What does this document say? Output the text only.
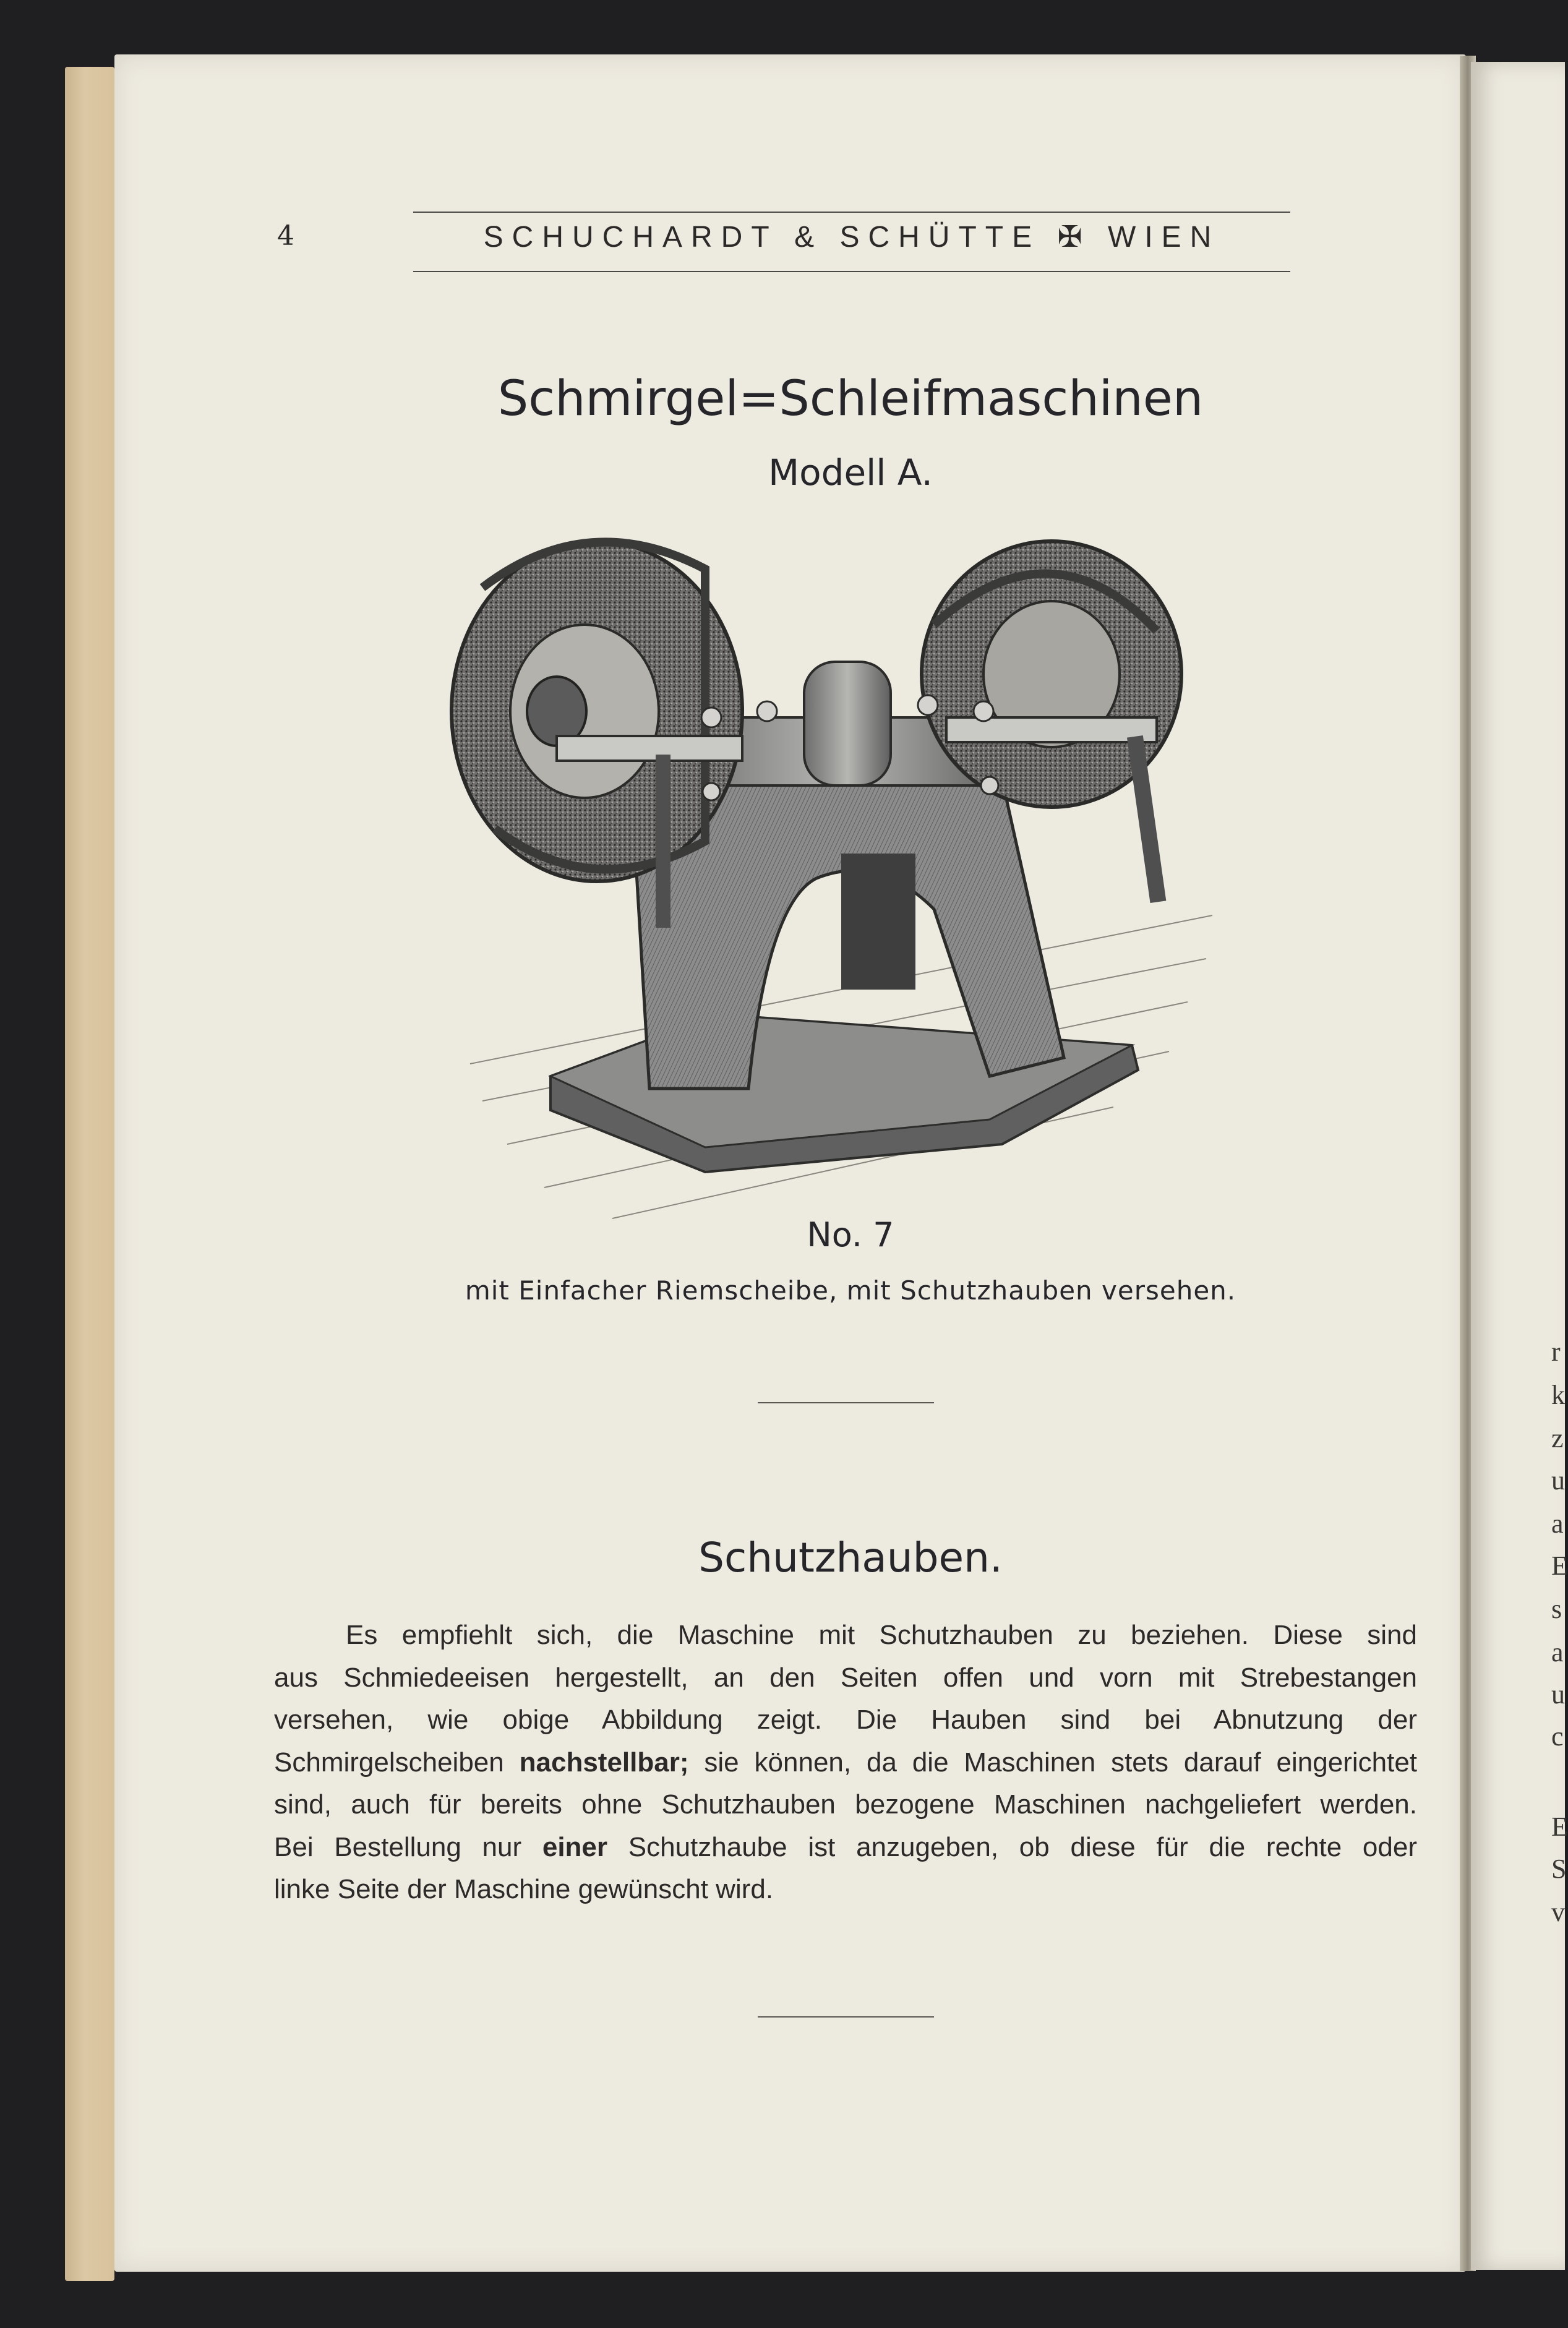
4	SCHUCHARDT & SCHÜTTE ✠ WIEN
Schmirgel=Schleifmaschinen
Modell A.
No. 7
mit Einfacher Riemscheibe, mit Schutzhauben versehen.
Schutzhauben.
Es empfiehlt sich, die Maschine mit Schutzhauben zu beziehen. Diese sind
aus Schmiedeeisen hergestellt, an den Seiten offen und vorn mit Strebestangen
versehen, wie obige Abbildung zeigt. Die Hauben sind bei Abnutzung der
Schmirgelscheiben nachstellbar; sie können, da die Maschinen stets darauf eingerichtet
sind, auch für bereits ohne Schutzhauben bezogene Maschinen nachgeliefert werden.
Bei Bestellung nur einer Schutzhaube ist anzugeben, ob diese für die rechte oder
linke Seite der Maschine gewünscht wird.
r
k
z
u
a
E
s
a
u
c
E
S
v
